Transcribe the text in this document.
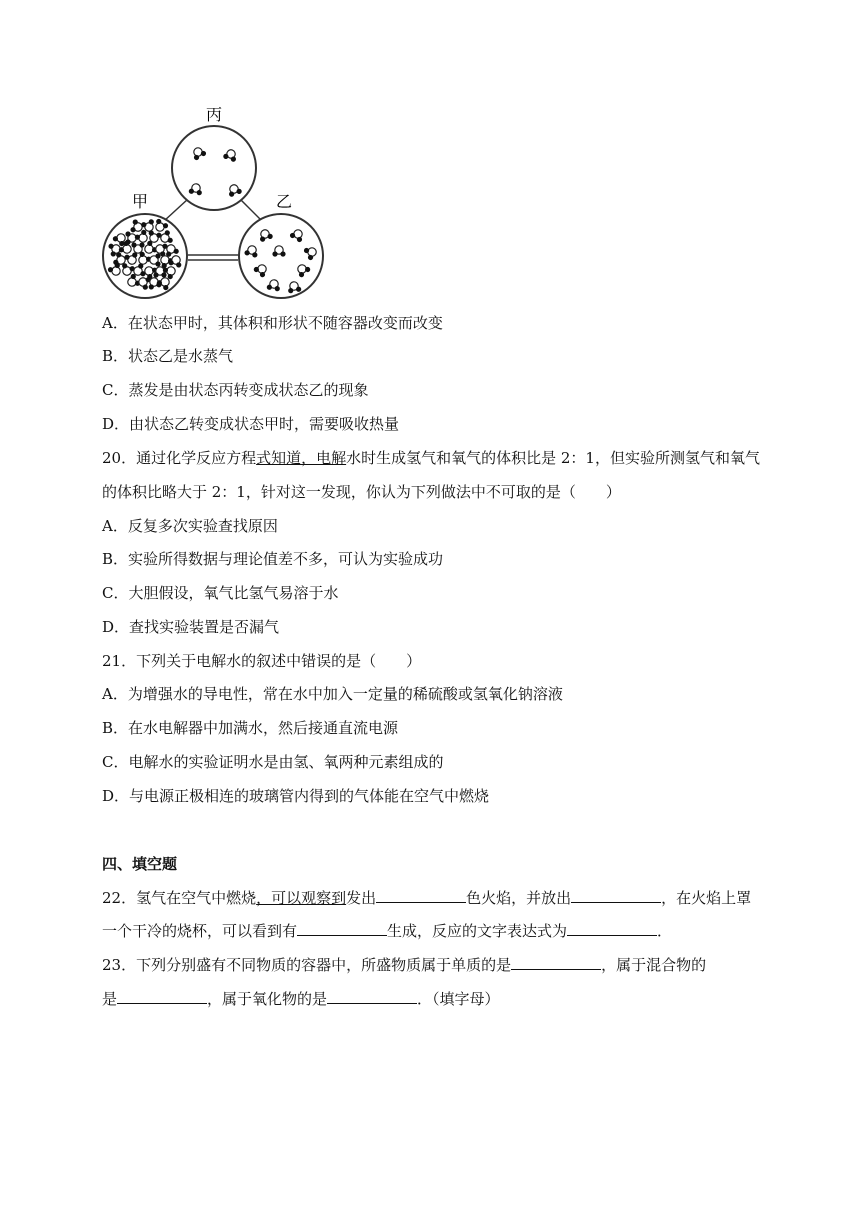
丙
甲	乙
A．在状态甲时，其体积和形状不随容器改变而改变
B．状态乙是水蒸气
C．蒸发是由状态丙转变成状态乙的现象
D．由状态乙转变成状态甲时，需要吸收热量
20．通过化学反应方程式知道，电解水时生成氢气和氧气的体积比是 2：1，但实验所测氢气和氧气
的体积比略大于 2：1，针对这一发现，你认为下列做法中不可取的是（　　）
A．反复多次实验查找原因
B．实验所得数据与理论值差不多，可认为实验成功
C．大胆假设，氧气比氢气易溶于水
D．查找实验装置是否漏气
21．下列关于电解水的叙述中错误的是（　　）
A．为增强水的导电性，常在水中加入一定量的稀硫酸或氢氧化钠溶液
B．在水电解器中加满水，然后接通直流电源
C．电解水的实验证明水是由氢、氧两种元素组成的
D．与电源正极相连的玻璃管内得到的气体能在空气中燃烧
四、填空题
22．氢气在空气中燃烧，可以观察到发出	色火焰，并放出	，在火焰上罩
一个干冷的烧杯，可以看到有	生成，反应的文字表达式为	．
23．下列分别盛有不同物质的容器中，所盛物质属于单质的是	，属于混合物的
是	，属于氧化物的是	．（填字母）
